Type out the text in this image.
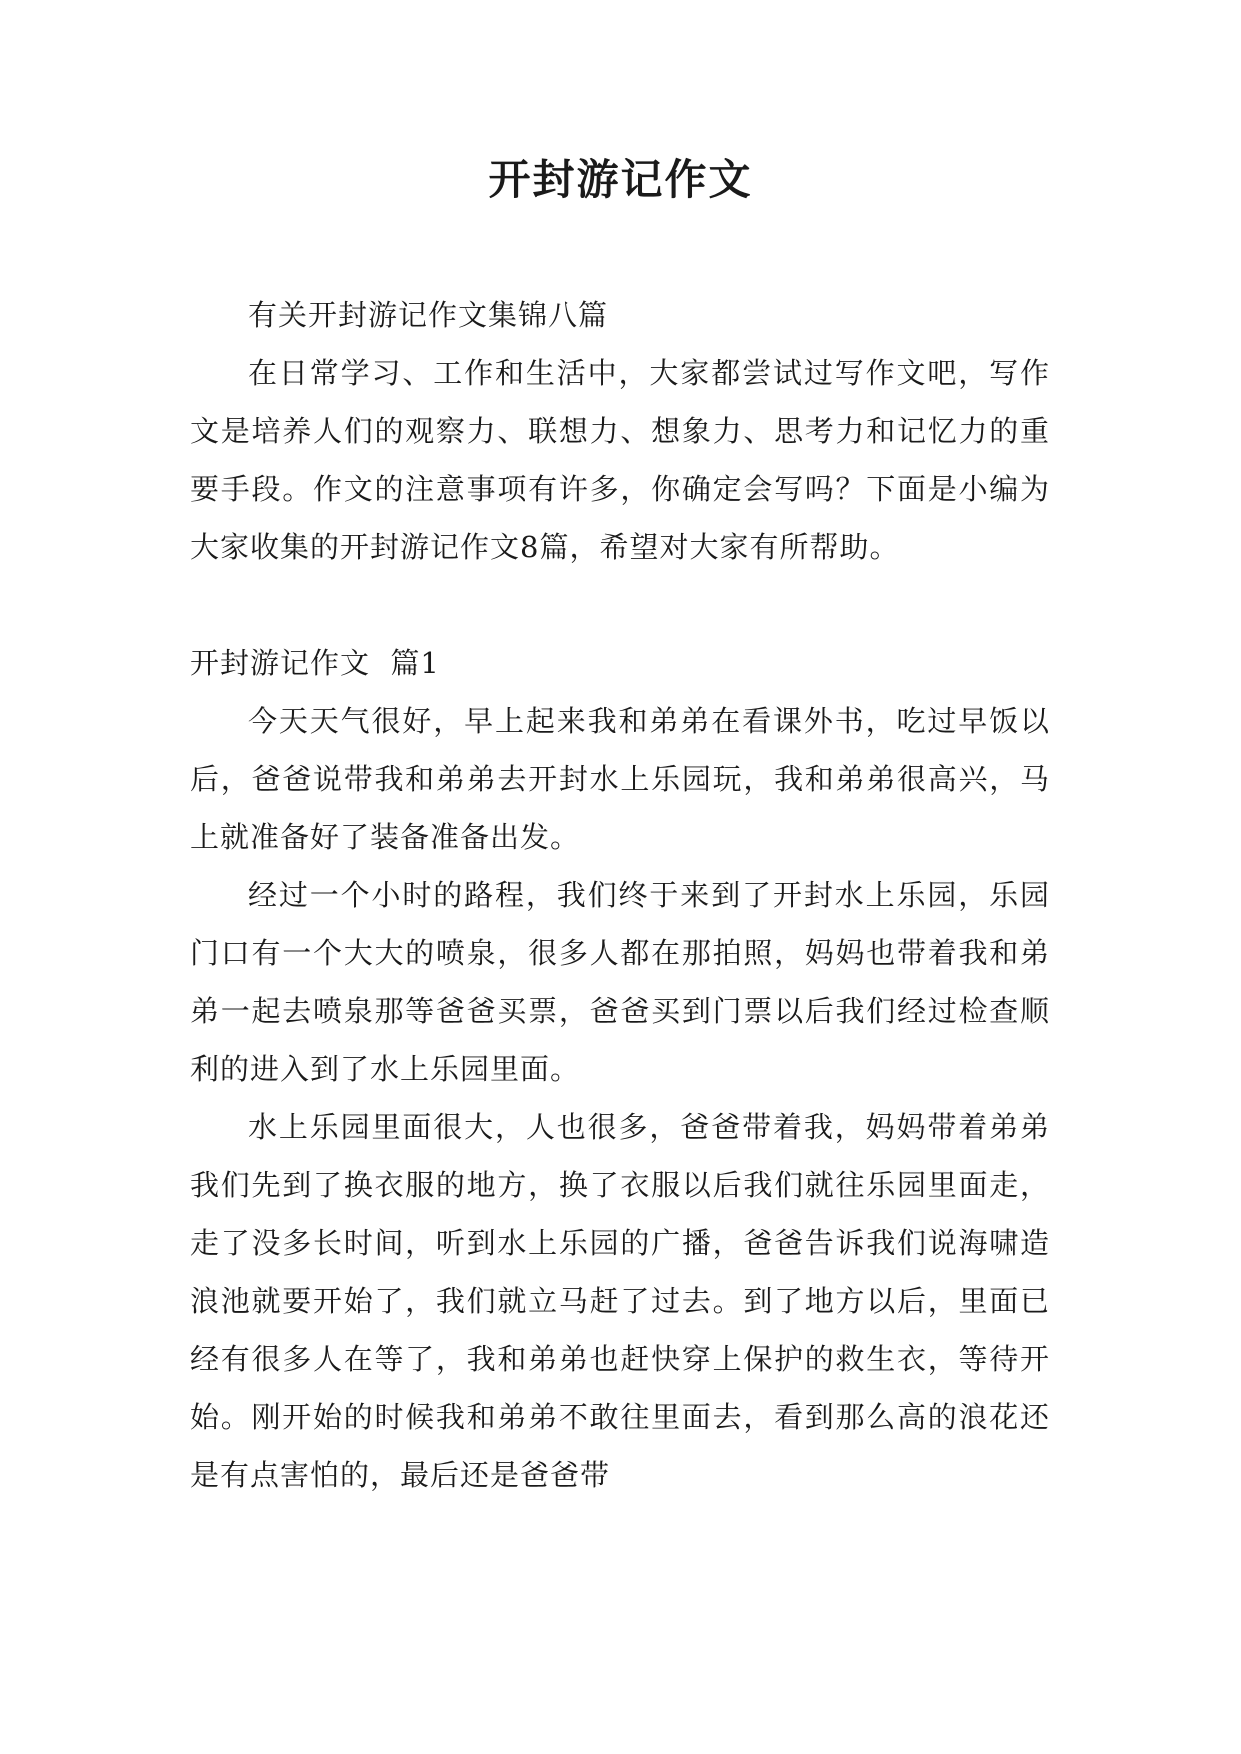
开封游记作文

有关开封游记作文集锦八篇

在日常学习、工作和生活中，大家都尝试过写作文吧，写作文是培养人们的观察力、联想力、想象力、思考力和记忆力的重要手段。作文的注意事项有许多，你确定会写吗？下面是小编为大家收集的开封游记作文8篇，希望对大家有所帮助。

开封游记作文  篇1

今天天气很好，早上起来我和弟弟在看课外书，吃过早饭以后，爸爸说带我和弟弟去开封水上乐园玩，我和弟弟很高兴，马上就准备好了装备准备出发。

经过一个小时的路程，我们终于来到了开封水上乐园，乐园门口有一个大大的喷泉，很多人都在那拍照，妈妈也带着我和弟弟一起去喷泉那等爸爸买票，爸爸买到门票以后我们经过检查顺利的进入到了水上乐园里面。

水上乐园里面很大，人也很多，爸爸带着我，妈妈带着弟弟我们先到了换衣服的地方，换了衣服以后我们就往乐园里面走，走了没多长时间，听到水上乐园的广播，爸爸告诉我们说海啸造浪池就要开始了，我们就立马赶了过去。到了地方以后，里面已经有很多人在等了，我和弟弟也赶快穿上保护的救生衣，等待开始。刚开始的时候我和弟弟不敢往里面去，看到那么高的浪花还是有点害怕的，最后还是爸爸带
